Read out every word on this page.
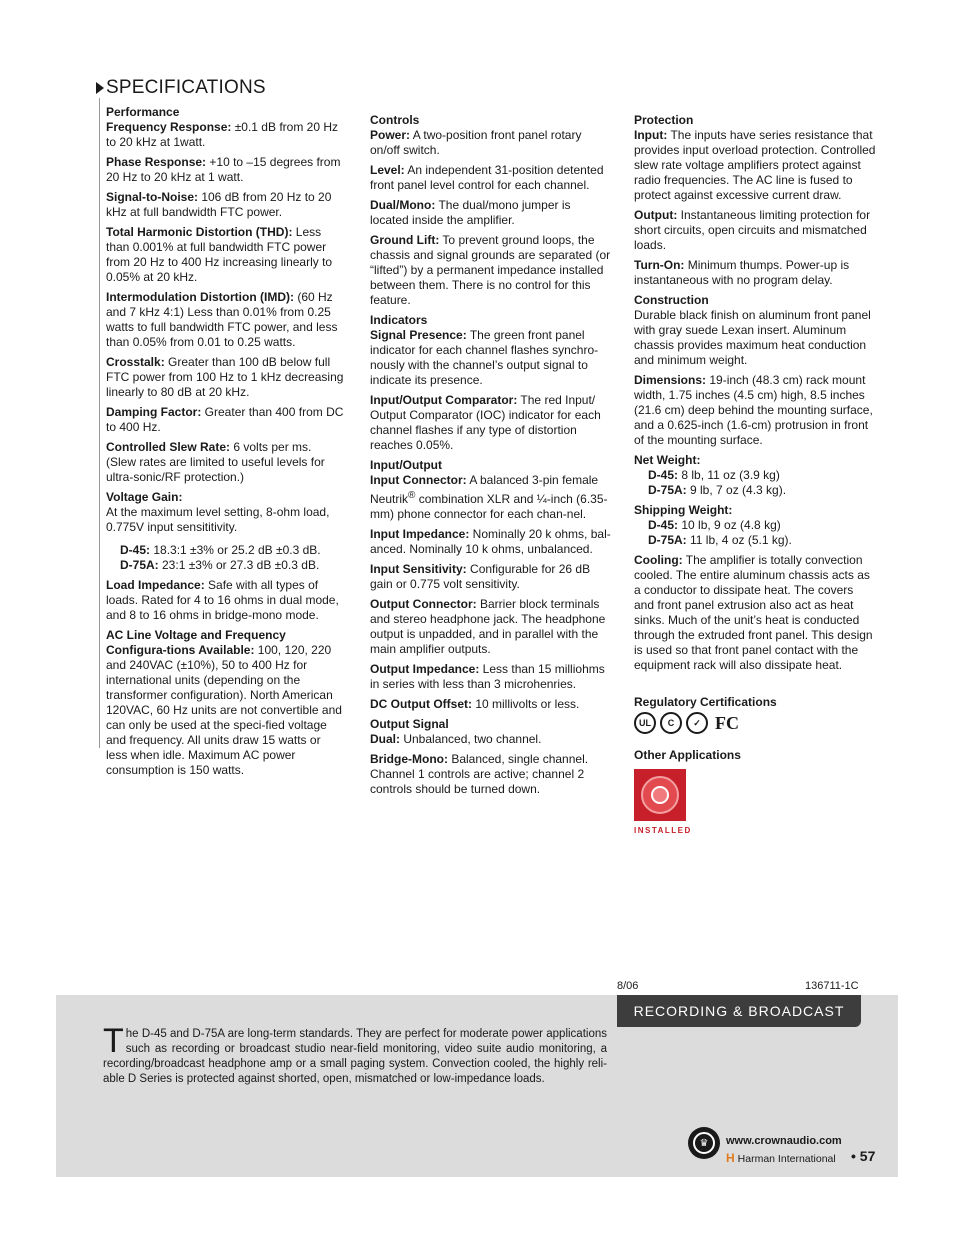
SPECIFICATIONS

Performance

Frequency Response: ±0.1 dB from 20 Hz to 20 kHz at 1watt.

Phase Response: +10 to –15 degrees from 20 Hz to 20 kHz at 1 watt.

Signal-to-Noise: 106 dB from 20 Hz to 20 kHz at full bandwidth FTC power.

Total Harmonic Distortion (THD): Less than 0.001% at full bandwidth FTC power from 20 Hz to 400 Hz increasing linearly to 0.05% at 20 kHz.

Intermodulation Distortion (IMD): (60 Hz and 7 kHz 4:1) Less than 0.01% from 0.25 watts to full bandwidth FTC power, and less than 0.05% from 0.01 to 0.25 watts.

Crosstalk: Greater than 100 dB below full FTC power from 100 Hz to 1 kHz decreasing linearly to 80 dB at 20 kHz.

Damping Factor: Greater than 400 from DC to 400 Hz.

Controlled Slew Rate: 6 volts per ms. (Slew rates are limited to useful levels for ultra-sonic/RF protection.)

Voltage Gain:
At the maximum level setting, 8-ohm load, 0.775V input sensititivity.

D-45: 18.3:1 ±3% or 25.2 dB ±0.3 dB.

D-75A: 23:1 ±3% or 27.3 dB ±0.3 dB.

Load Impedance: Safe with all types of loads. Rated for 4 to 16 ohms in dual mode, and 8 to 16 ohms in bridge-mono mode.

AC Line Voltage and Frequency Configura-tions Available: 100, 120, 220 and 240VAC (±10%), 50 to 400 Hz for international units (depending on the transformer configuration). North American 120VAC, 60 Hz units are not convertible and can only be used at the speci-fied voltage and frequency. All units draw 15 watts or less when idle. Maximum AC power consumption is 150 watts.

Controls

Power: A two-position front panel rotary on/off switch.

Level: An independent 31-position detented front panel level control for each channel.

Dual/Mono: The dual/mono jumper is located inside the amplifier.

Ground Lift: To prevent ground loops, the chassis and signal grounds are separated (or “lifted”) by a permanent impedance installed between them. There is no control for this feature.

Indicators

Signal Presence: The green front panel indicator for each channel flashes synchro-nously with the channel’s output signal to indicate its presence.

Input/Output Comparator: The red Input/ Output Comparator (IOC) indicator for each channel flashes if any type of distortion reaches 0.05%.

Input/Output

Input Connector: A balanced 3-pin female Neutrik® combination XLR and ¼-inch (6.35-mm) phone connector for each chan-nel.

Input Impedance: Nominally 20 k ohms, bal-anced. Nominally 10 k ohms, unbalanced.

Input Sensitivity: Configurable for 26 dB gain or 0.775 volt sensitivity.

Output Connector: Barrier block terminals and stereo headphone jack. The headphone output is unpadded, and in parallel with the main amplifier outputs.

Output Impedance: Less than 15 milliohms in series with less than 3 microhenries.

DC Output Offset: 10 millivolts or less.

Output Signal

Dual: Unbalanced, two channel.

Bridge-Mono: Balanced, single channel. Channel 1 controls are active; channel 2 controls should be turned down.

Protection

Input: The inputs have series resistance that provides input overload protection. Controlled slew rate voltage amplifiers protect against radio frequencies. The AC line is fused to protect against excessive current draw.

Output: Instantaneous limiting protection for short circuits, open circuits and mismatched loads.

Turn-On: Minimum thumps. Power-up is instantaneous with no program delay.

Construction

Durable black finish on aluminum front panel with gray suede Lexan insert. Aluminum chassis provides maximum heat conduction and minimum weight.

Dimensions: 19-inch (48.3 cm) rack mount width, 1.75 inches (4.5 cm) high, 8.5 inches (21.6 cm) deep behind the mounting surface, and a 0.625-inch (1.6-cm) protrusion in front of the mounting surface.

Net Weight:

D-45: 8 lb, 11 oz (3.9 kg)

D-75A: 9 lb, 7 oz (4.3 kg).

Shipping Weight:

D-45: 10 lb, 9 oz (4.8 kg)

D-75A: 11 lb, 4 oz (5.1 kg).

Cooling: The amplifier is totally convection cooled. The entire aluminum chassis acts as a conductor to dissipate heat. The covers and front panel extrusion also act as heat sinks. Much of the unit’s heat is conducted through the extruded front panel. This design is used so that front panel contact with the equipment rack will also dissipate heat.

Regulatory Certifications

UL	C	✓ FC

Other Applications

INSTALLED
8/06	136711-1C
RECORDING & BROADCAST
The D-45 and D-75A are long-term standards. They are perfect for moderate power applications such as recording or broadcast studio near-field monitoring, video suite audio monitoring, a recording/broadcast headphone amp or a small paging system. Convection cooled, the highly reli-able D Series is protected against shorted, open, mismatched or low-impedance loads.
♛	www.crownaudio.com
H Harman International • 57
